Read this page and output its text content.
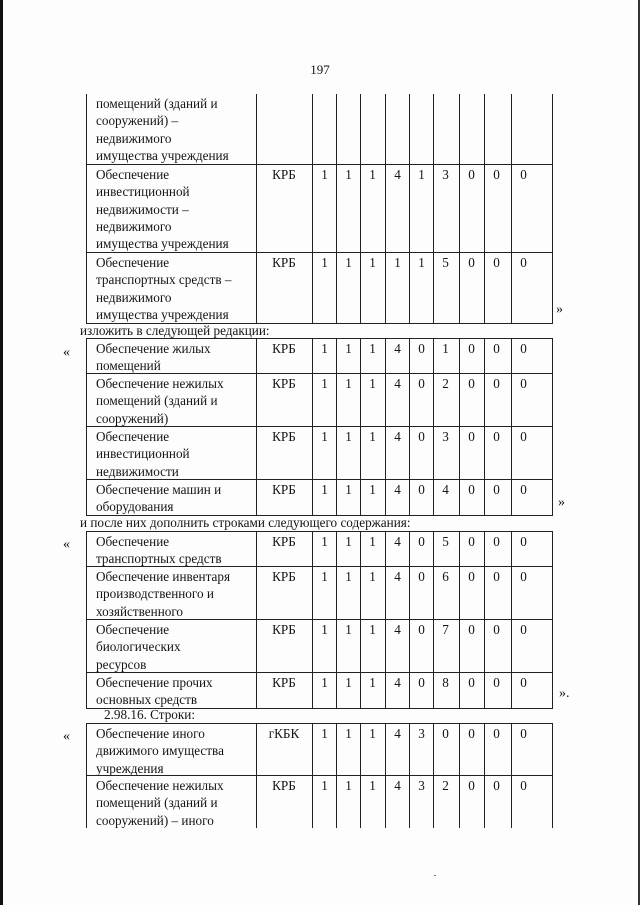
197
помещений (зданий и
сооружений) –
недвижимого
имущества учреждения
Обеспечение
инвестиционной
недвижимости –
недвижимого
имущества учреждения
КРБ	1	1	1	4	1	3	0	0	0
Обеспечение
транспортных средств –
недвижимого
имущества учреждения
КРБ	1	1	1	1	1	5	0	0	0
»
изложить в следующей редакции:
« Обеспечение жилых
помещений
КРБ	1	1	1	4	0	1	0	0	0
Обеспечение нежилых
помещений (зданий и
сооружений)
КРБ	1	1	1	4	0	2	0	0	0
Обеспечение
инвестиционной
недвижимости
КРБ	1	1	1	4	0	3	0	0	0
Обеспечение машин и
оборудования
КРБ	1	1	1	4	0	4	0	0	0
»
и после них дополнить строками следующего содержания:
« Обеспечение
транспортных средств
КРБ	1	1	1	4	0	5	0	0	0
Обеспечение инвентаря
производственного и
хозяйственного
КРБ	1	1	1	4	0	6	0	0	0
Обеспечение
биологических
ресурсов
КРБ	1	1	1	4	0	7	0	0	0
Обеспечение прочих
основных средств
КРБ	1	1	1	4	0	8	0	0	0
».
2.98.16. Строки:
« Обеспечение иного
движимого имущества
учреждения
гКБК	1	1	1	4	3	0	0	0	0
Обеспечение нежилых
помещений (зданий и
сооружений) – иного
КРБ	1	1	1	4	3	2	0	0	0
